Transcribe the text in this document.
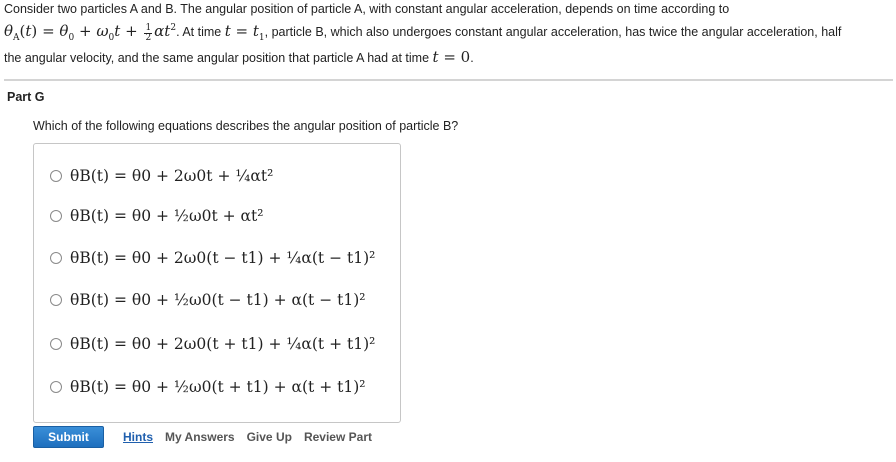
Consider two particles A and B. The angular position of particle A, with constant angular acceleration, depends on time according to
$\theta_A(t) = \theta_0 + \omega_0t + \frac{1}{2} \alpha t^2$. At time $t = t_1$, particle B, which also undergoes constant angular acceleration, has twice the angular acceleration, half
the angular velocity, and the same angular position that particle A had at time t = 0.
Part G
Which of the following equations describes the angular position of particle B?
θB(t) = θ0 + 2ω0t + ¼αt²
θB(t) = θ0 + ½ω0t + αt²
θB(t) = θ0 + 2ω0(t − t1) + ¼α(t − t1)²
θB(t) = θ0 + ½ω0(t − t1) + α(t − t1)²
θB(t) = θ0 + 2ω0(t + t1) + ¼α(t + t1)²
θB(t) = θ0 + ½ω0(t + t1) + α(t + t1)²
Submit	Hints My Answers Give Up Review Part
